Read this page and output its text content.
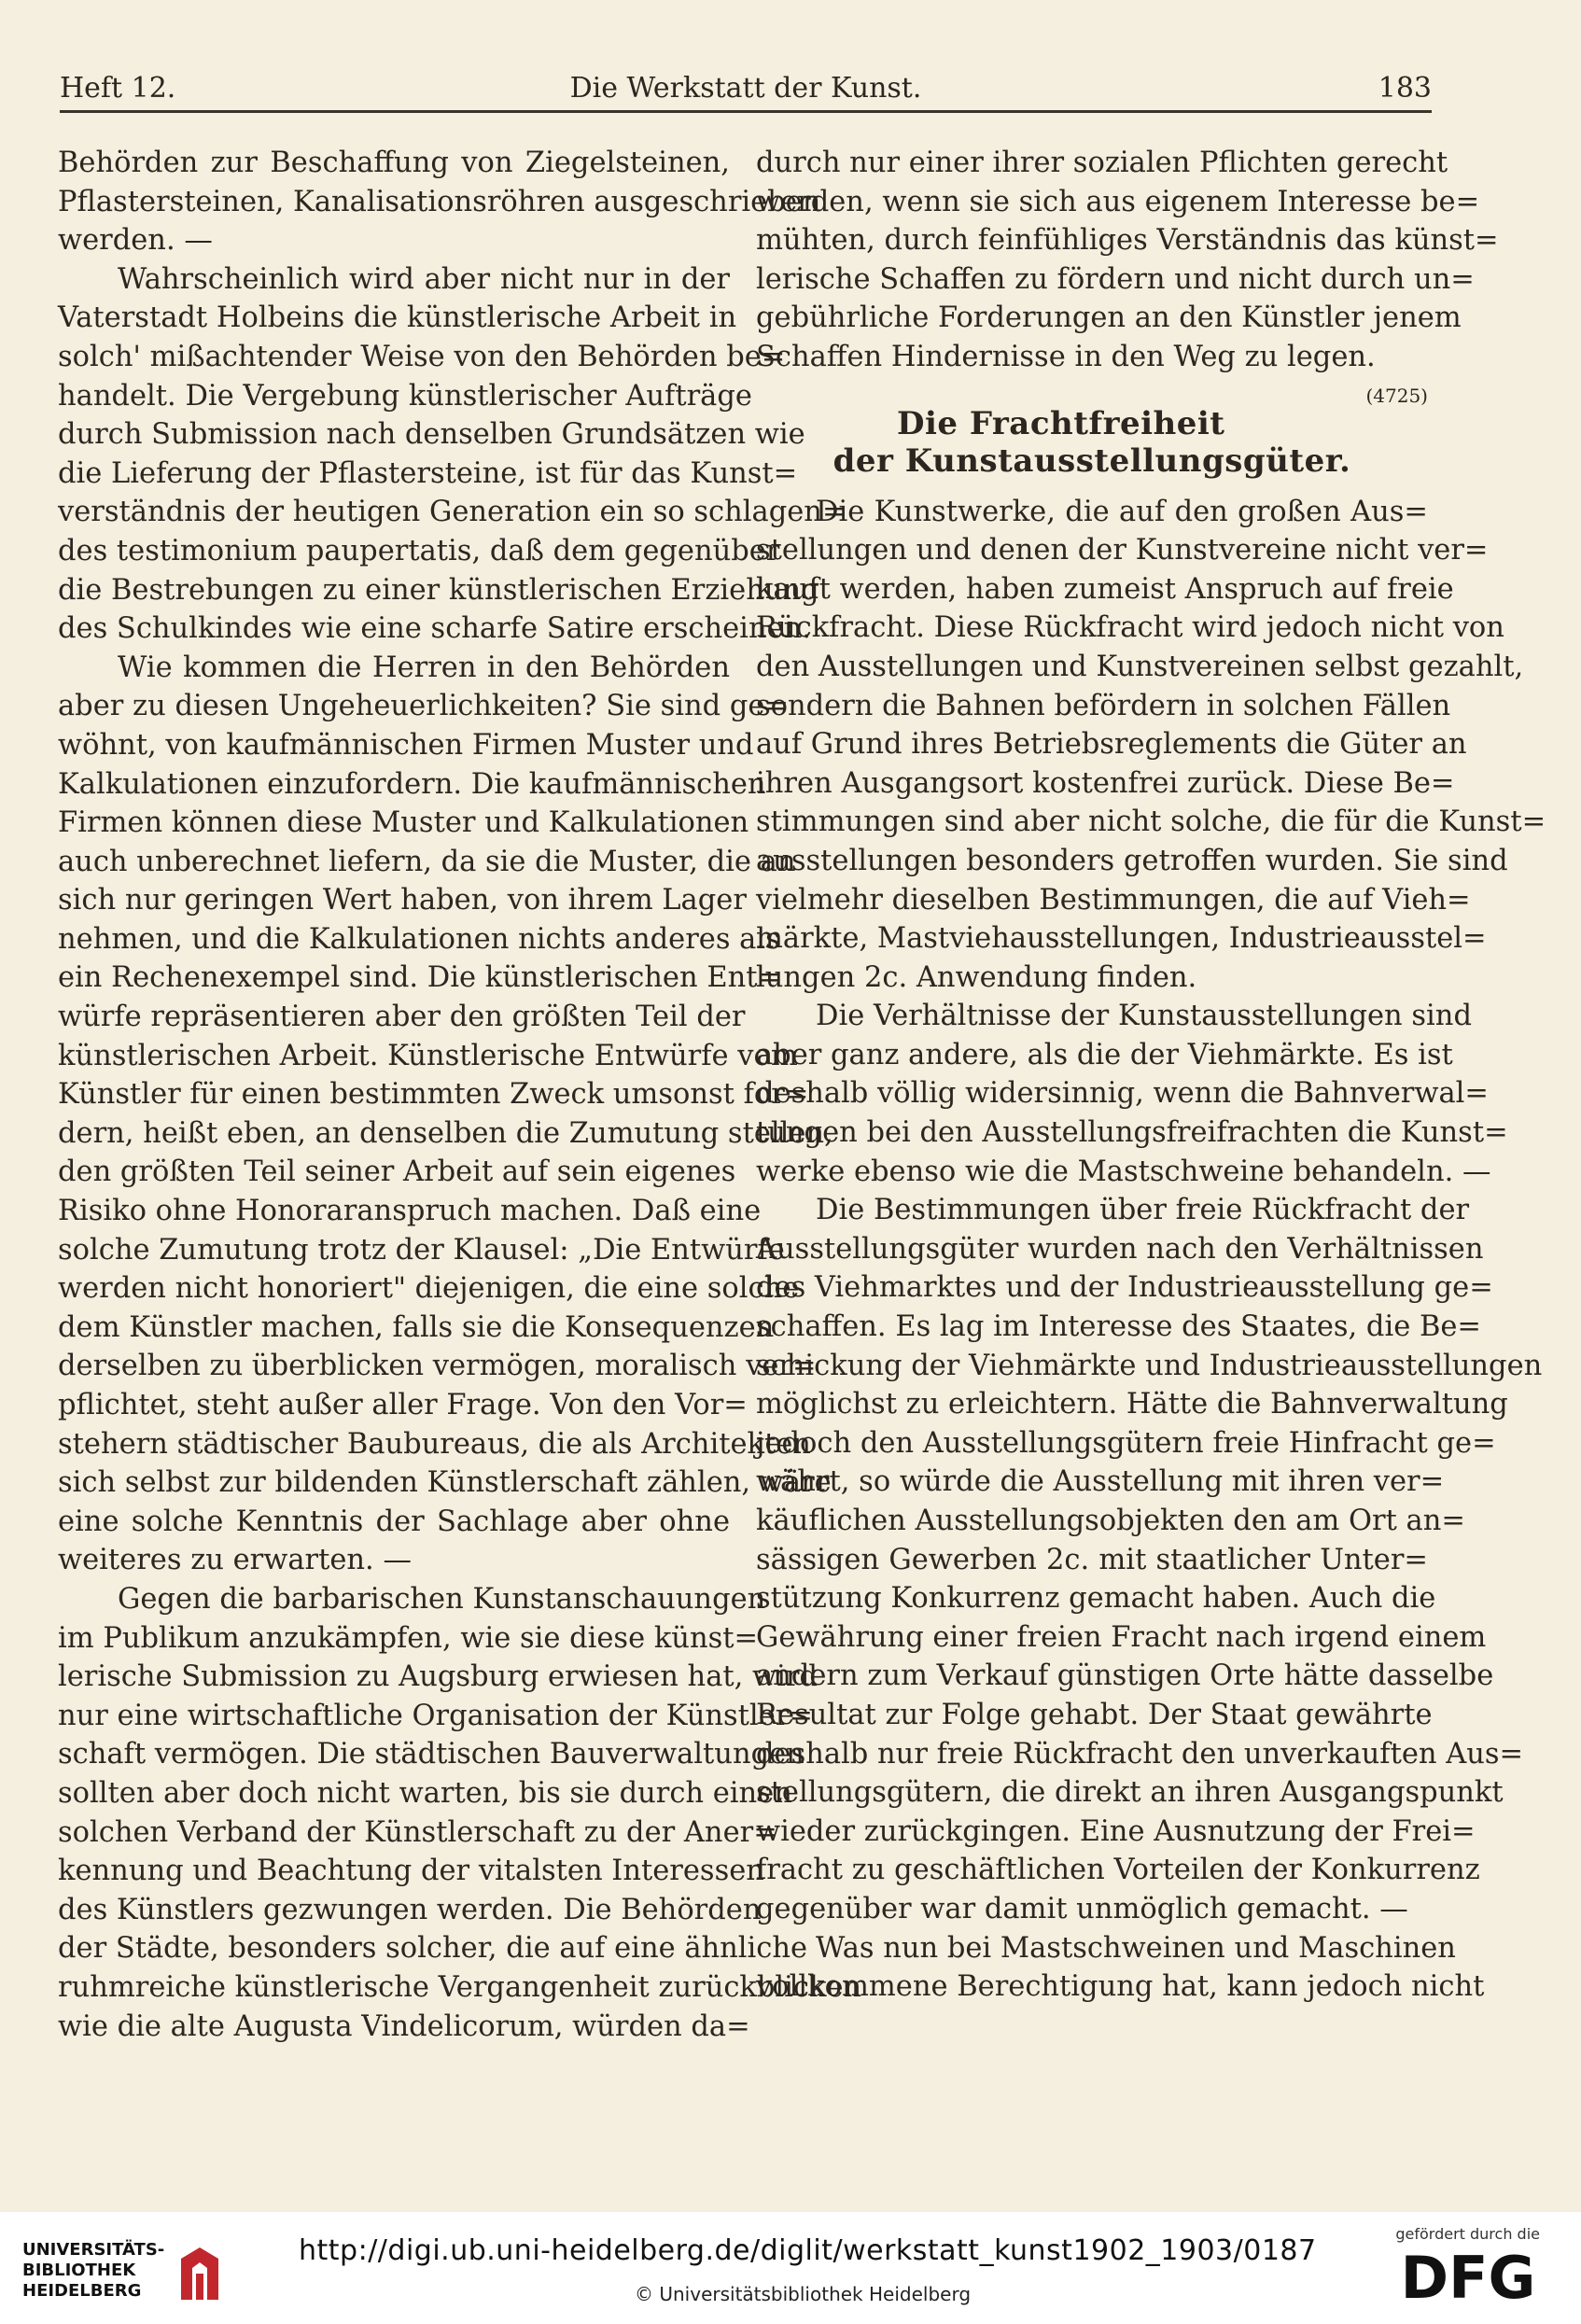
Heft 12.	Die Werkstatt der Kunst.	183
Behörden zur Beschaffung von Ziegelsteinen,
Pflastersteinen, Kanalisationsröhren ausgeschrieben
werden. —
Wahrscheinlich wird aber nicht nur in der
Vaterstadt Holbeins die künstlerische Arbeit in
solch' mißachtender Weise von den Behörden be=
handelt. Die Vergebung künstlerischer Aufträge
durch Submission nach denselben Grundsätzen wie
die Lieferung der Pflastersteine, ist für das Kunst=
verständnis der heutigen Generation ein so schlagen=
des testimonium paupertatis, daß dem gegenüber
die Bestrebungen zu einer künstlerischen Erziehung
des Schulkindes wie eine scharfe Satire erscheinen.
Wie kommen die Herren in den Behörden
aber zu diesen Ungeheuerlichkeiten? Sie sind ge=
wöhnt, von kaufmännischen Firmen Muster und
Kalkulationen einzufordern. Die kaufmännischen
Firmen können diese Muster und Kalkulationen
auch unberechnet liefern, da sie die Muster, die an
sich nur geringen Wert haben, von ihrem Lager
nehmen, und die Kalkulationen nichts anderes als
ein Rechenexempel sind. Die künstlerischen Ent=
würfe repräsentieren aber den größten Teil der
künstlerischen Arbeit. Künstlerische Entwürfe vom
Künstler für einen bestimmten Zweck umsonst for=
dern, heißt eben, an denselben die Zumutung stellen,
den größten Teil seiner Arbeit auf sein eigenes
Risiko ohne Honoraranspruch machen. Daß eine
solche Zumutung trotz der Klausel: „Die Entwürfe
werden nicht honoriert" diejenigen, die eine solche
dem Künstler machen, falls sie die Konsequenzen
derselben zu überblicken vermögen, moralisch ver=
pflichtet, steht außer aller Frage. Von den Vor=
stehern städtischer Baubureaus, die als Architekten
sich selbst zur bildenden Künstlerschaft zählen, wäre
eine solche Kenntnis der Sachlage aber ohne
weiteres zu erwarten. —
Gegen die barbarischen Kunstanschauungen
im Publikum anzukämpfen, wie sie diese künst=
lerische Submission zu Augsburg erwiesen hat, wird
nur eine wirtschaftliche Organisation der Künstler=
schaft vermögen. Die städtischen Bauverwaltungen
sollten aber doch nicht warten, bis sie durch einen
solchen Verband der Künstlerschaft zu der Aner=
kennung und Beachtung der vitalsten Interessen
des Künstlers gezwungen werden. Die Behörden
der Städte, besonders solcher, die auf eine ähnliche
ruhmreiche künstlerische Vergangenheit zurückblicken
wie die alte Augusta Vindelicorum, würden da=
durch nur einer ihrer sozialen Pflichten gerecht
werden, wenn sie sich aus eigenem Interesse be=
mühten, durch feinfühliges Verständnis das künst=
lerische Schaffen zu fördern und nicht durch un=
gebührliche Forderungen an den Künstler jenem
Schaffen Hindernisse in den Weg zu legen.
(4725)
Die Frachtfreiheit
der Kunstausstellungsgüter.
Die Kunstwerke, die auf den großen Aus=
stellungen und denen der Kunstvereine nicht ver=
kauft werden, haben zumeist Anspruch auf freie
Rückfracht. Diese Rückfracht wird jedoch nicht von
den Ausstellungen und Kunstvereinen selbst gezahlt,
sondern die Bahnen befördern in solchen Fällen
auf Grund ihres Betriebsreglements die Güter an
ihren Ausgangsort kostenfrei zurück. Diese Be=
stimmungen sind aber nicht solche, die für die Kunst=
ausstellungen besonders getroffen wurden. Sie sind
vielmehr dieselben Bestimmungen, die auf Vieh=
märkte, Mastviehausstellungen, Industrieausstel=
lungen 2c. Anwendung finden.
Die Verhältnisse der Kunstausstellungen sind
aber ganz andere, als die der Viehmärkte. Es ist
deshalb völlig widersinnig, wenn die Bahnverwal=
tungen bei den Ausstellungsfreifrachten die Kunst=
werke ebenso wie die Mastschweine behandeln. —
Die Bestimmungen über freie Rückfracht der
Ausstellungsgüter wurden nach den Verhältnissen
des Viehmarktes und der Industrieausstellung ge=
schaffen. Es lag im Interesse des Staates, die Be=
schickung der Viehmärkte und Industrieausstellungen
möglichst zu erleichtern. Hätte die Bahnverwaltung
jedoch den Ausstellungsgütern freie Hinfracht ge=
währt, so würde die Ausstellung mit ihren ver=
käuflichen Ausstellungsobjekten den am Ort an=
sässigen Gewerben 2c. mit staatlicher Unter=
stützung Konkurrenz gemacht haben. Auch die
Gewährung einer freien Fracht nach irgend einem
andern zum Verkauf günstigen Orte hätte dasselbe
Resultat zur Folge gehabt. Der Staat gewährte
deshalb nur freie Rückfracht den unverkauften Aus=
stellungsgütern, die direkt an ihren Ausgangspunkt
wieder zurückgingen. Eine Ausnutzung der Frei=
fracht zu geschäftlichen Vorteilen der Konkurrenz
gegenüber war damit unmöglich gemacht. —
Was nun bei Mastschweinen und Maschinen
vollkommene Berechtigung hat, kann jedoch nicht
UNIVERSITÄTS-
BIBLIOTHEK
HEIDELBERG
http://digi.ub.uni-heidelberg.de/diglit/werkstatt_kunst1902_1903/0187
© Universitätsbibliothek Heidelberg
gefördert durch die
DFG
